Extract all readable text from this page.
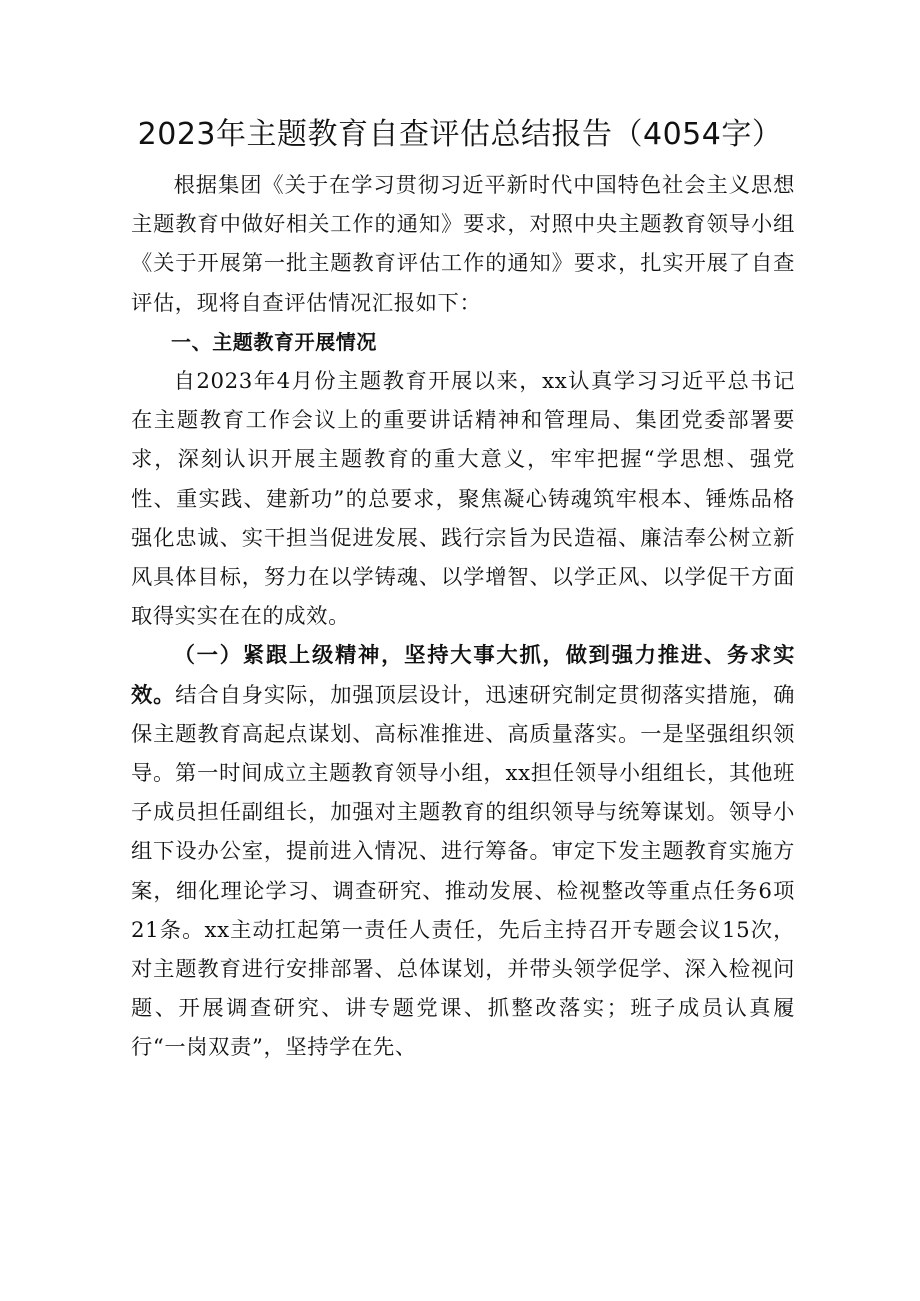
2023年主题教育自查评估总结报告（4054字）

根据集团《关于在学习贯彻习近平新时代中国特色社会主义思想主题教育中做好相关工作的通知》要求，对照中央主题教育领导小组《关于开展第一批主题教育评估工作的通知》要求，扎实开展了自查评估，现将自查评估情况汇报如下：

一、主题教育开展情况

自2023年4月份主题教育开展以来，xx认真学习习近平总书记在主题教育工作会议上的重要讲话精神和管理局、集团党委部署要求，深刻认识开展主题教育的重大意义，牢牢把握“学思想、强党性、重实践、建新功”的总要求，聚焦凝心铸魂筑牢根本、锤炼品格强化忠诚、实干担当促进发展、践行宗旨为民造福、廉洁奉公树立新风具体目标，努力在以学铸魂、以学增智、以学正风、以学促干方面取得实实在在的成效。

（一）紧跟上级精神，坚持大事大抓，做到强力推进、务求实效。结合自身实际，加强顶层设计，迅速研究制定贯彻落实措施，确保主题教育高起点谋划、高标准推进、高质量落实。一是坚强组织领导。第一时间成立主题教育领导小组，xx担任领导小组组长，其他班子成员担任副组长，加强对主题教育的组织领导与统筹谋划。领导小组下设办公室，提前进入情况、进行筹备。审定下发主题教育实施方案，细化理论学习、调查研究、推动发展、检视整改等重点任务6项21条。xx主动扛起第一责任人责任，先后主持召开专题会议15次，对主题教育进行安排部署、总体谋划，并带头领学促学、深入检视问题、开展调查研究、讲专题党课、抓整改落实；班子成员认真履行“一岗双责”，坚持学在先、
